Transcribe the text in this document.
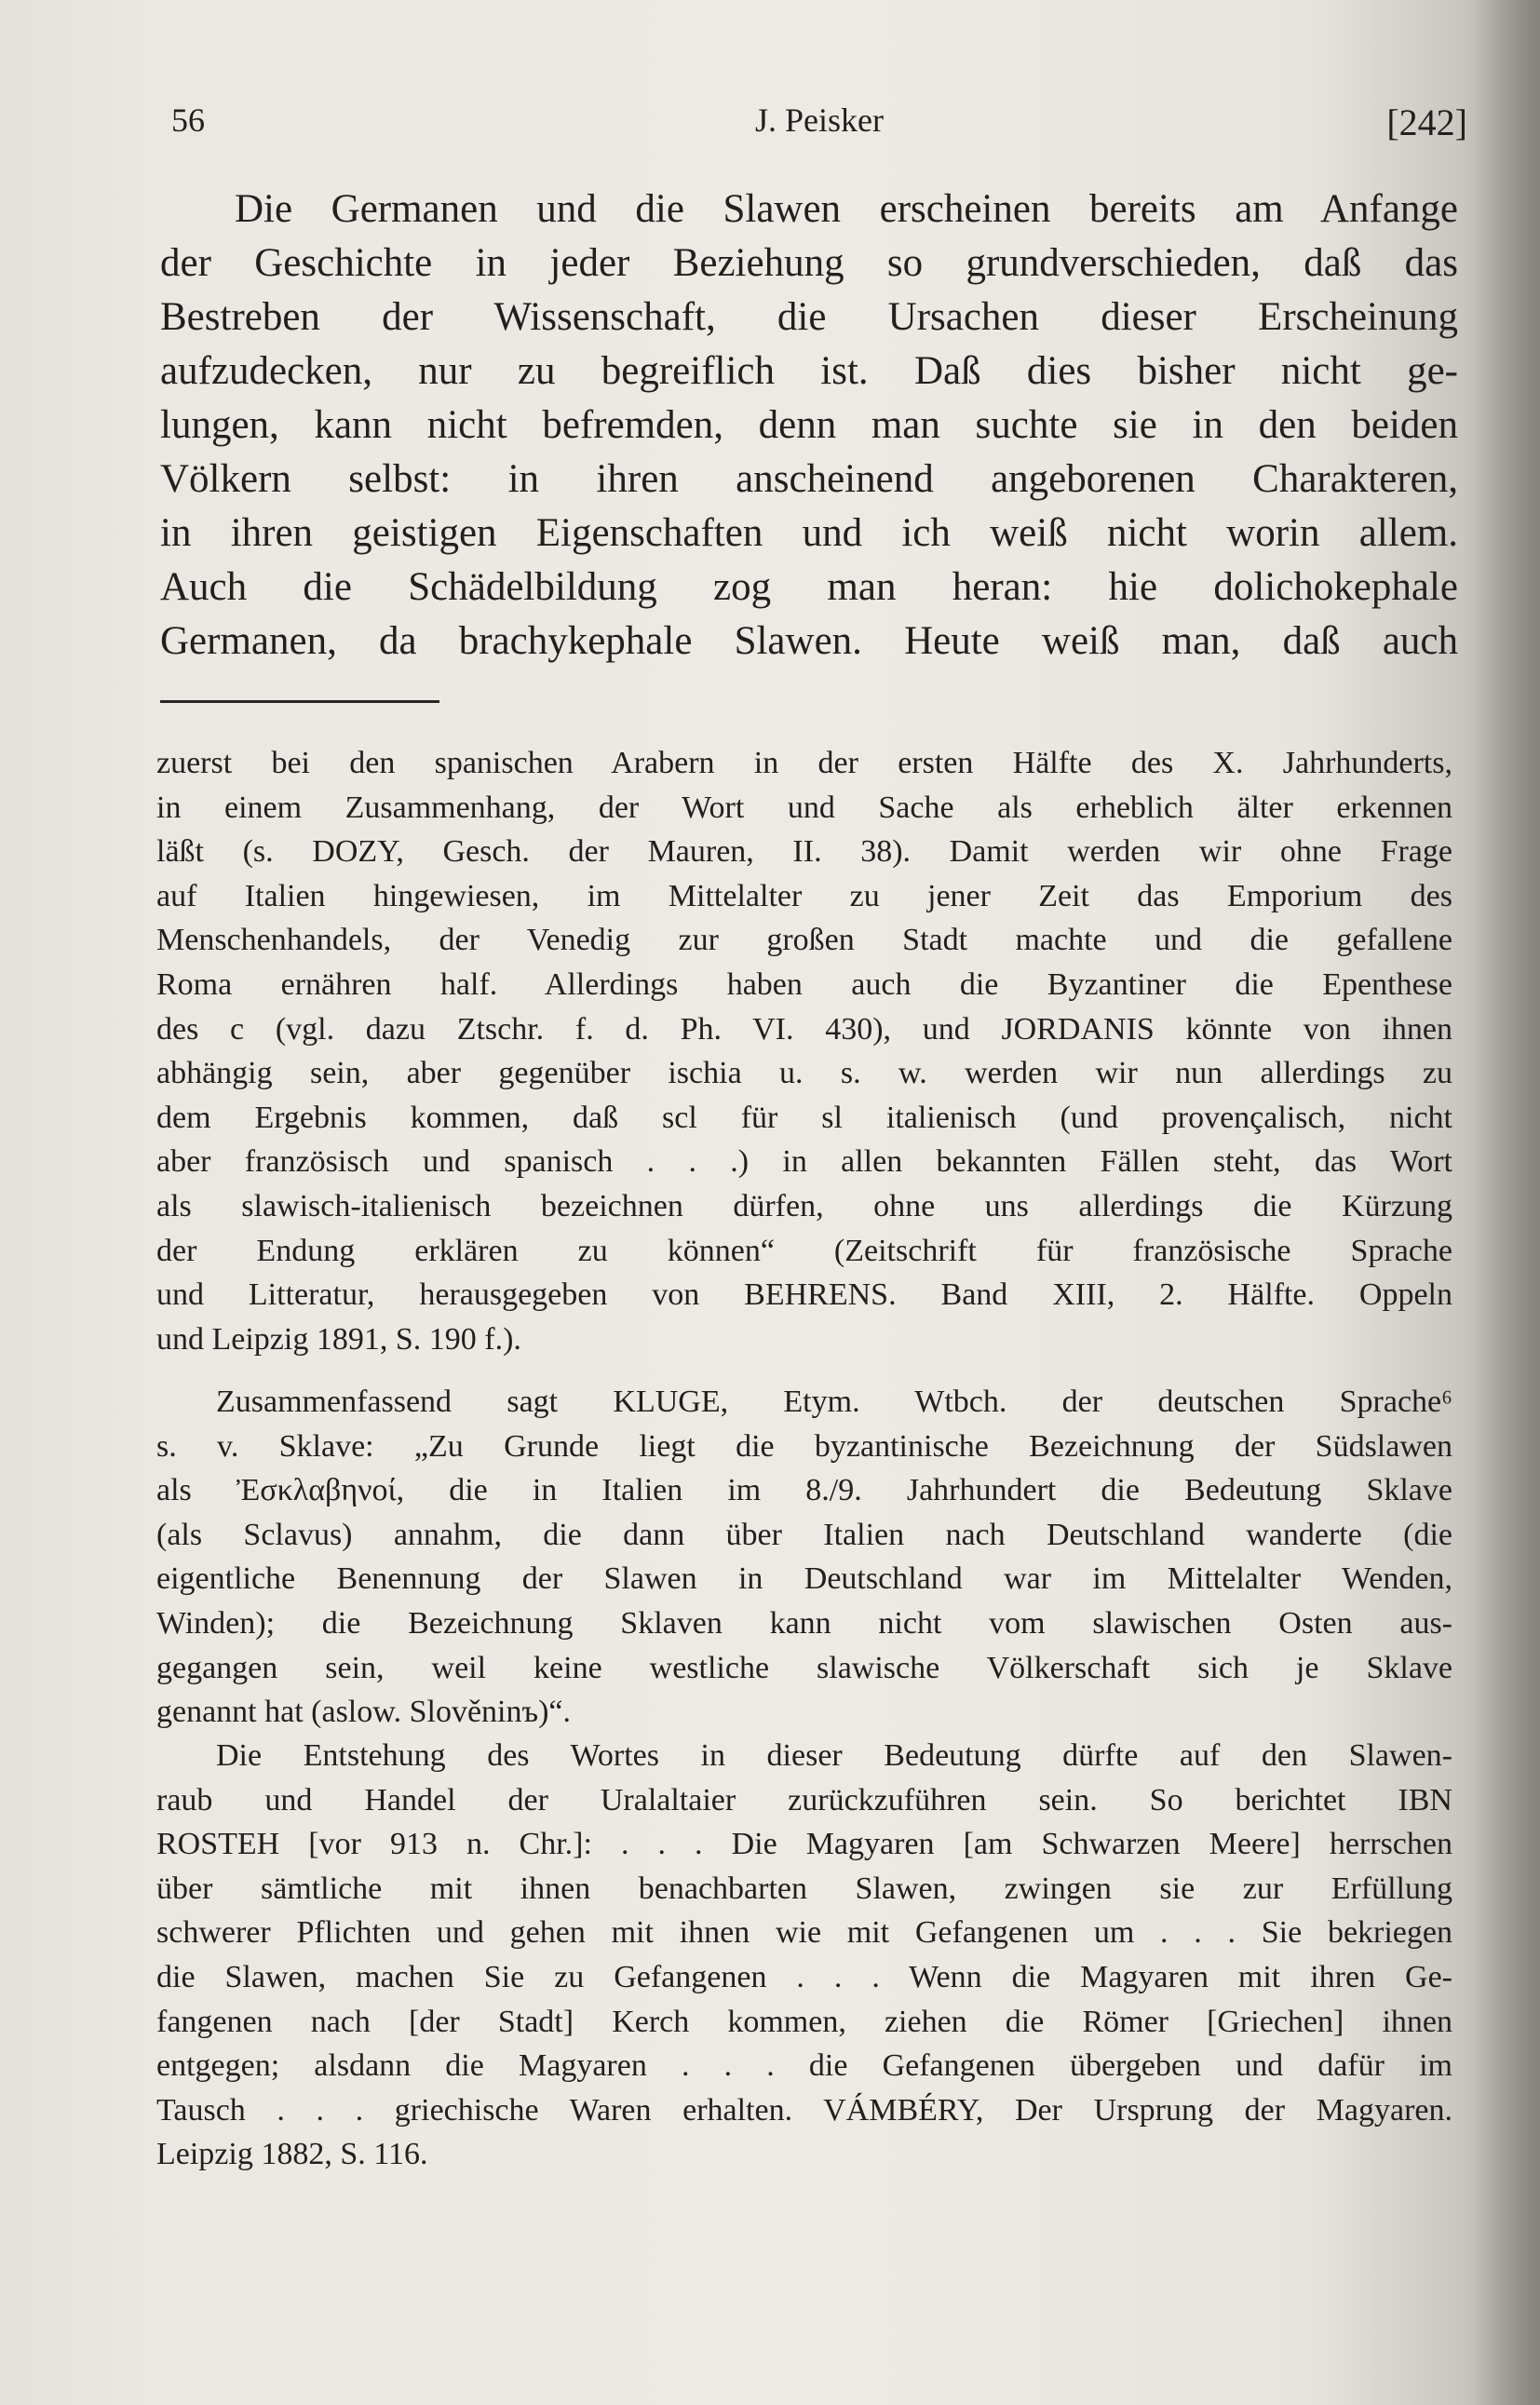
56	J. Peisker	[242]
Die Germanen und die Slawen erscheinen bereits am Anfange
der Geschichte in jeder Beziehung so grundverschieden, daß das
Bestreben der Wissenschaft, die Ursachen dieser Erscheinung
aufzudecken, nur zu begreiflich ist. Daß dies bisher nicht ge-
lungen, kann nicht befremden, denn man suchte sie in den beiden
Völkern selbst: in ihren anscheinend angeborenen Charakteren,
in ihren geistigen Eigenschaften und ich weiß nicht worin allem.
Auch die Schädelbildung zog man heran: hie dolichokephale
Germanen, da brachykephale Slawen. Heute weiß man, daß auch
zuerst bei den spanischen Arabern in der ersten Hälfte des X. Jahrhunderts,
in einem Zusammenhang, der Wort und Sache als erheblich älter erkennen
läßt (s. DOZY, Gesch. der Mauren, II. 38). Damit werden wir ohne Frage
auf Italien hingewiesen, im Mittelalter zu jener Zeit das Emporium des
Menschenhandels, der Venedig zur großen Stadt machte und die gefallene
Roma ernähren half. Allerdings haben auch die Byzantiner die Epenthese
des c (vgl. dazu Ztschr. f. d. Ph. VI. 430), und JORDANIS könnte von ihnen
abhängig sein, aber gegenüber ischia u. s. w. werden wir nun allerdings zu
dem Ergebnis kommen, daß scl für sl italienisch (und provençalisch, nicht
aber französisch und spanisch . . .) in allen bekannten Fällen steht, das Wort
als slawisch-italienisch bezeichnen dürfen, ohne uns allerdings die Kürzung
der Endung erklären zu können“ (Zeitschrift für französische Sprache
und Litteratur, herausgegeben von BEHRENS. Band XIII, 2. Hälfte. Oppeln
und Leipzig 1891, S. 190 f.).
Zusammenfassend sagt KLUGE, Etym. Wtbch. der deutschen Sprache⁶
s. v. Sklave: „Zu Grunde liegt die byzantinische Bezeichnung der Südslawen
als Ἐσκλαβηνοί, die in Italien im 8./9. Jahrhundert die Bedeutung Sklave
(als Sclavus) annahm, die dann über Italien nach Deutschland wanderte (die
eigentliche Benennung der Slawen in Deutschland war im Mittelalter Wenden,
Winden); die Bezeichnung Sklaven kann nicht vom slawischen Osten aus-
gegangen sein, weil keine westliche slawische Völkerschaft sich je Sklave
genannt hat (aslow. Slověninъ)“.
Die Entstehung des Wortes in dieser Bedeutung dürfte auf den Slawen-
raub und Handel der Uralaltaier zurückzuführen sein. So berichtet IBN
ROSTEH [vor 913 n. Chr.]: . . . Die Magyaren [am Schwarzen Meere] herrschen
über sämtliche mit ihnen benachbarten Slawen, zwingen sie zur Erfüllung
schwerer Pflichten und gehen mit ihnen wie mit Gefangenen um . . . Sie bekriegen
die Slawen, machen Sie zu Gefangenen . . . Wenn die Magyaren mit ihren Ge-
fangenen nach [der Stadt] Kerch kommen, ziehen die Römer [Griechen] ihnen
entgegen; alsdann die Magyaren . . . die Gefangenen übergeben und dafür im
Tausch . . . griechische Waren erhalten. VÁMBÉRY, Der Ursprung der Magyaren.
Leipzig 1882, S. 116.
